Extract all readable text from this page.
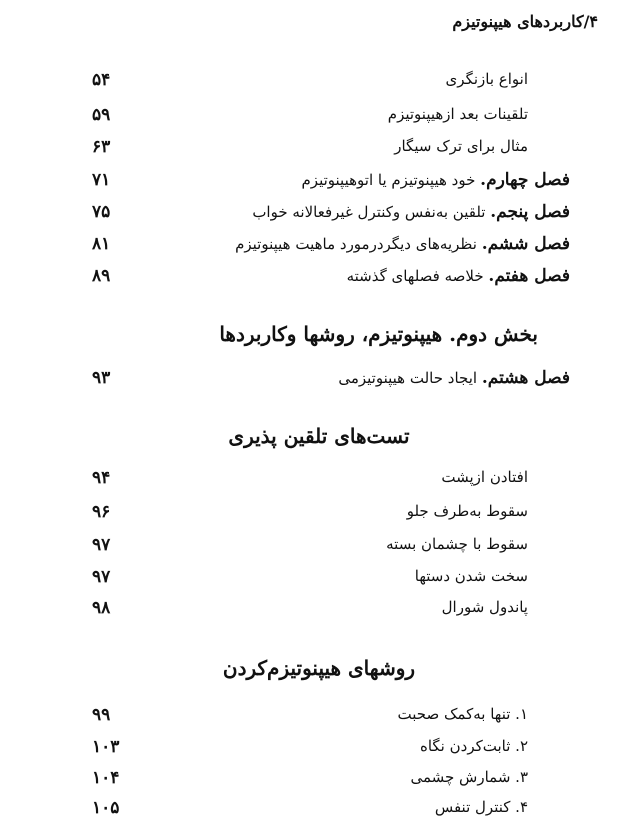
۴/کاربردهای هیپنوتیزم
انواع بازنگری
۵۴
تلقینات بعد ازهیپنوتیزم
۵۹
مثال برای ترک سیگار
۶۳
فصل چهارم. خود هیپنوتیزم یا اتوهیپنوتیزم
۷۱
فصل پنجم. تلقین به‌نفس وکنترل غیرفعالانه خواب
۷۵
فصل ششم. نظریه‌های دیگردرمورد ماهیت هیپنوتیزم
۸۱
فصل هفتم. خلاصه فصلهای گذشته
۸۹
بخش دوم. هیپنوتیزم، روشها وکاربردها
فصل هشتم. ایجاد حالت هیپنوتیزمی
۹۳
تست‌های تلقین پذیری
افتادن ازپشت
۹۴
سقوط به‌طرف جلو
۹۶
سقوط با چشمان بسته
۹۷
سخت شدن دستها
۹۷
پاندول شورال
۹۸
روشهای هیپنوتیزم‌کردن
۱. تنها به‌کمک صحبت
۹۹
۲. ثابت‌کردن نگاه
۱۰۳
۳. شمارش چشمی
۱۰۴
۴. کنترل تنفس
۱۰۵
